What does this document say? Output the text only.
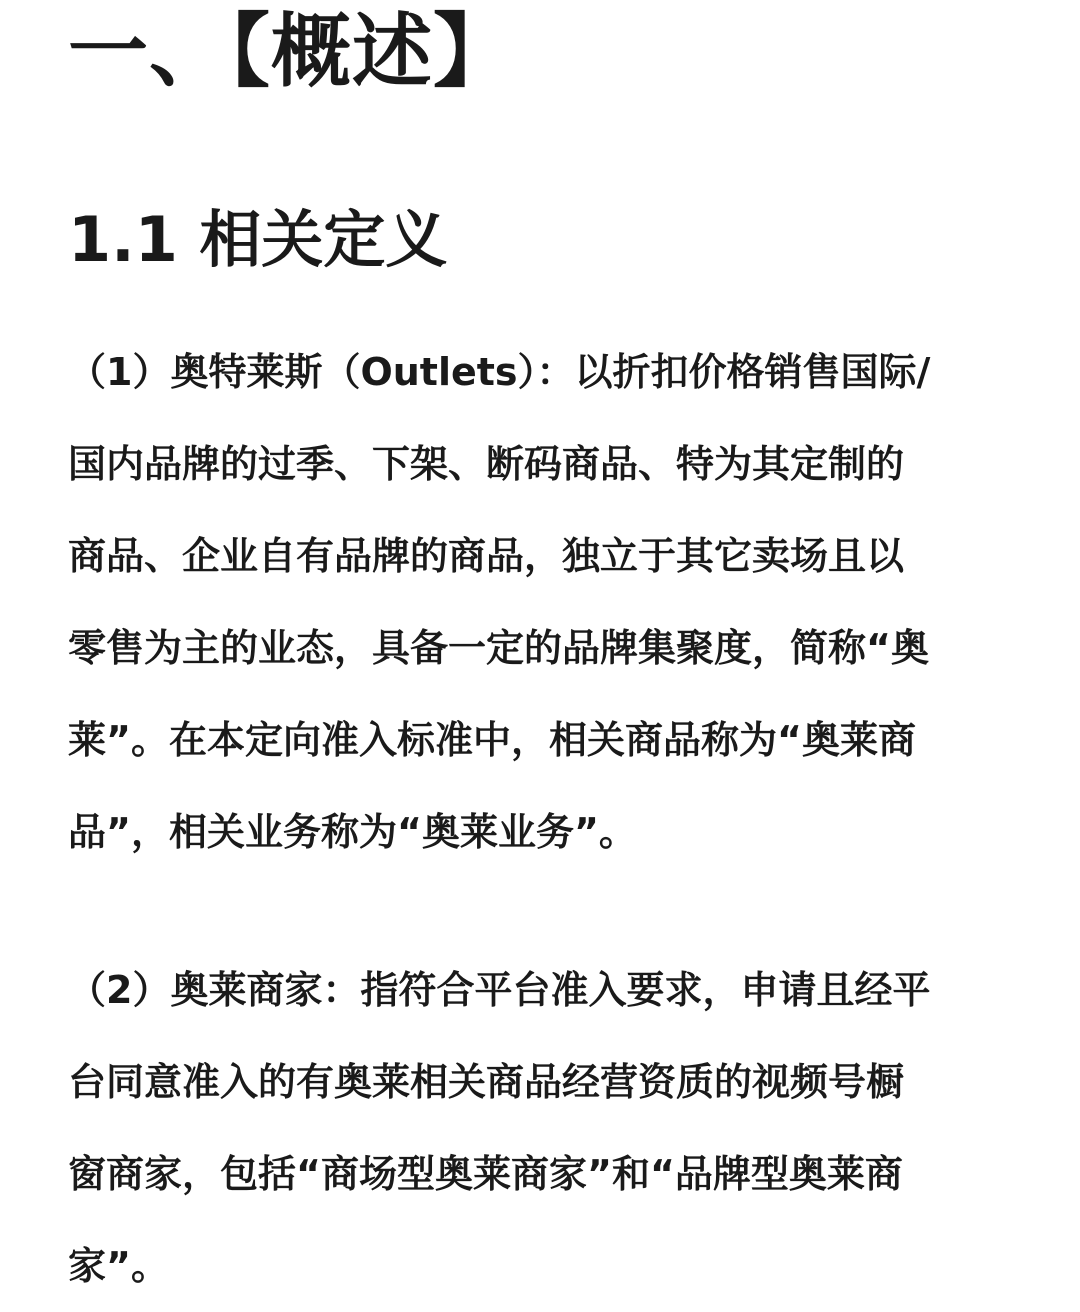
一、【概述】
1.1 相关定义

（1）奥特莱斯（Outlets）：以折扣价格销售国际/
国内品牌的过季、下架、断码商品、特为其定制的
商品、企业自有品牌的商品，独立于其它卖场且以
零售为主的业态，具备一定的品牌集聚度，简称“奥
莱”。在本定向准入标准中，相关商品称为“奥莱商
品”，相关业务称为“奥莱业务”。

（2）奥莱商家：指符合平台准入要求，申请且经平
台同意准入的有奥莱相关商品经营资质的视频号橱
窗商家，包括“商场型奥莱商家”和“品牌型奥莱商
家”。
